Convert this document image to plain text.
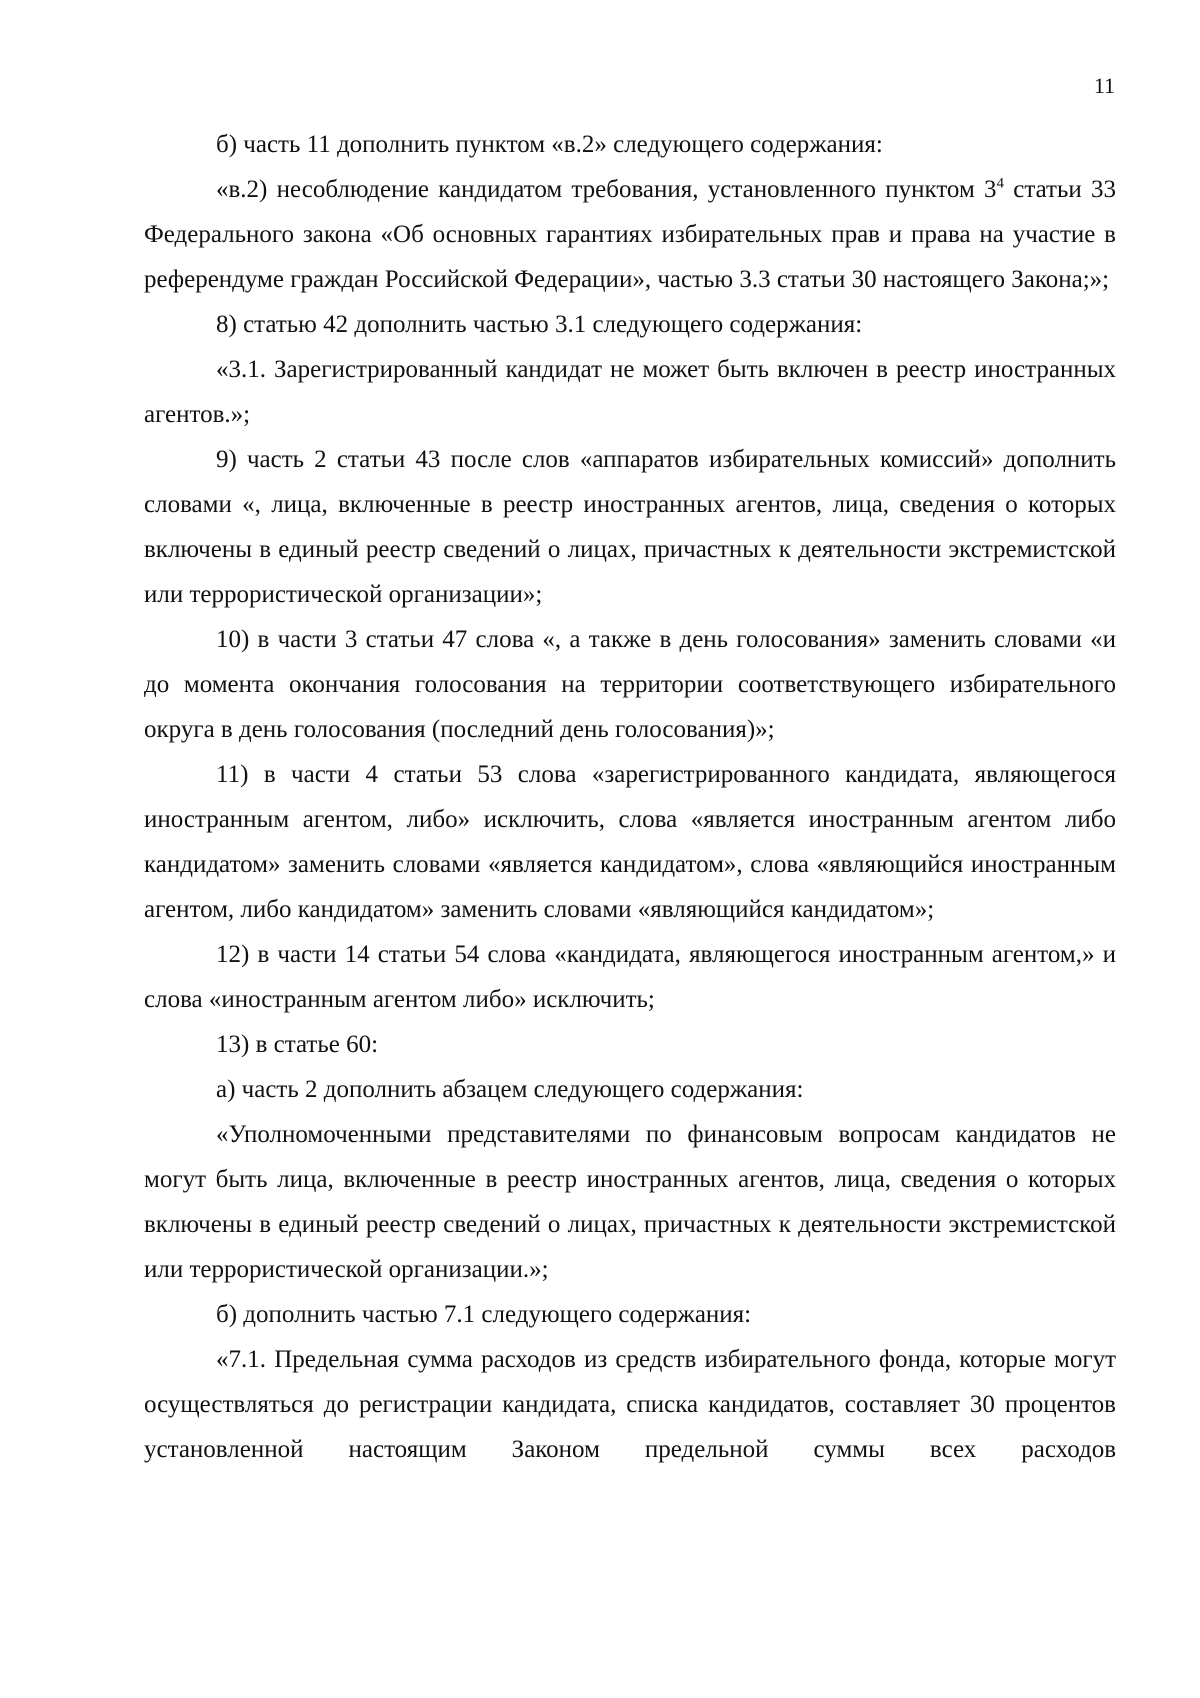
11

б) часть 11 дополнить пунктом «в.2» следующего содержания:

«в.2) несоблюдение кандидатом требования, установленного пунктом $3^4$ статьи 33 Федерального закона «Об основных гарантиях избирательных прав и права на участие в референдуме граждан Российской Федерации», частью 3.3 статьи 30 настоящего Закона;»;

8) статью 42 дополнить частью 3.1 следующего содержания:

«3.1. Зарегистрированный кандидат не может быть включен в реестр иностранных агентов.»;

9) часть 2 статьи 43 после слов «аппаратов избирательных комиссий» дополнить словами «, лица, включенные в реестр иностранных агентов, лица, сведения о которых включены в единый реестр сведений о лицах, причастных к деятельности экстремистской или террористической организации»;

10) в части 3 статьи 47 слова «, а также в день голосования» заменить словами «и до момента окончания голосования на территории соответствующего избирательного округа в день голосования (последний день голосования)»;

11) в части 4 статьи 53 слова «зарегистрированного кандидата, являющегося иностранным агентом, либо» исключить, слова «является иностранным агентом либо кандидатом» заменить словами «является кандидатом», слова «являющийся иностранным агентом, либо кандидатом» заменить словами «являющийся кандидатом»;

12) в части 14 статьи 54 слова «кандидата, являющегося иностранным агентом,» и слова «иностранным агентом либо» исключить;

13) в статье 60:

а) часть 2 дополнить абзацем следующего содержания:

«Уполномоченными представителями по финансовым вопросам кандидатов не могут быть лица, включенные в реестр иностранных агентов, лица, сведения о которых включены в единый реестр сведений о лицах, причастных к деятельности экстремистской или террористической организации.»;

б) дополнить частью 7.1 следующего содержания:

«7.1. Предельная сумма расходов из средств избирательного фонда, которые могут осуществляться до регистрации кандидата, списка кандидатов, составляет 30 процентов установленной настоящим Законом предельной суммы всех расходов
